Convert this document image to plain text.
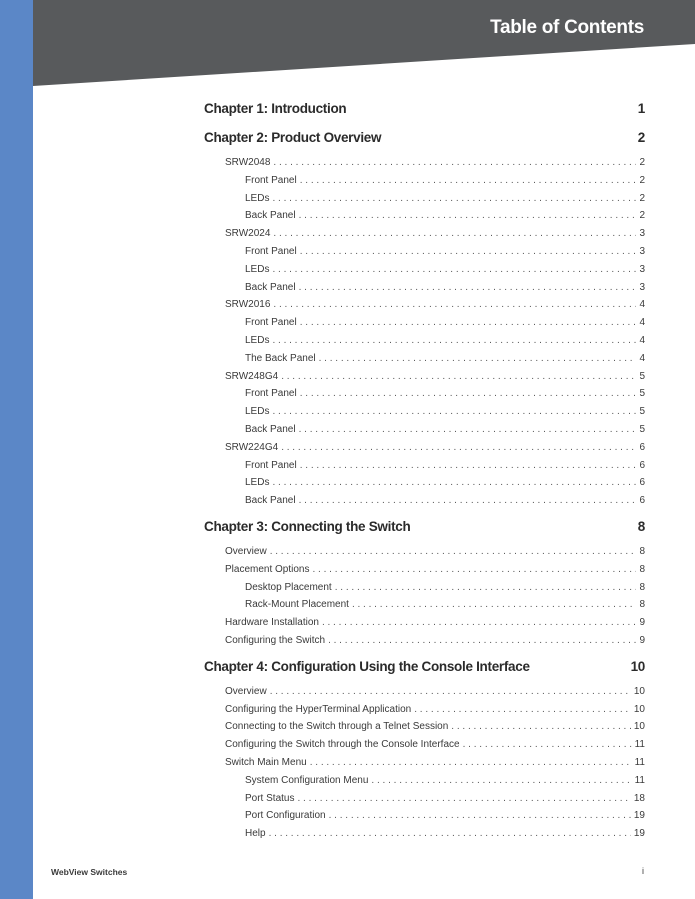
Table of Contents
Chapter 1: Introduction	1
Chapter 2: Product Overview	2
SRW2048 . . .	2
Front Panel . . .	2
LEDs . . .	2
Back Panel . . .	2
SRW2024 . . .	3
Front Panel . . .	3
LEDs . . .	3
Back Panel . . .	3
SRW2016 . . .	4
Front Panel . . .	4
LEDs . . .	4
The Back Panel . . .	4
SRW248G4 . . .	5
Front Panel . . .	5
LEDs . . .	5
Back Panel . . .	5
SRW224G4 . . .	6
Front Panel . . .	6
LEDs . . .	6
Back Panel . . .	6
Chapter 3: Connecting the Switch	8
Overview . . .	8
Placement Options . . .	8
Desktop Placement . . .	8
Rack-Mount Placement . . .	8
Hardware Installation . . .	9
Configuring the Switch . . .	9
Chapter 4: Configuration Using the Console Interface	10
Overview . . .	10
Configuring the HyperTerminal Application . . .	10
Connecting to the Switch through a Telnet Session . . .	10
Configuring the Switch through the Console Interface . . .	11
Switch Main Menu . . .	11
System Configuration Menu . . .	11
Port Status . . .	18
Port Configuration . . .	19
Help . . .	19
WebView Switches	i
